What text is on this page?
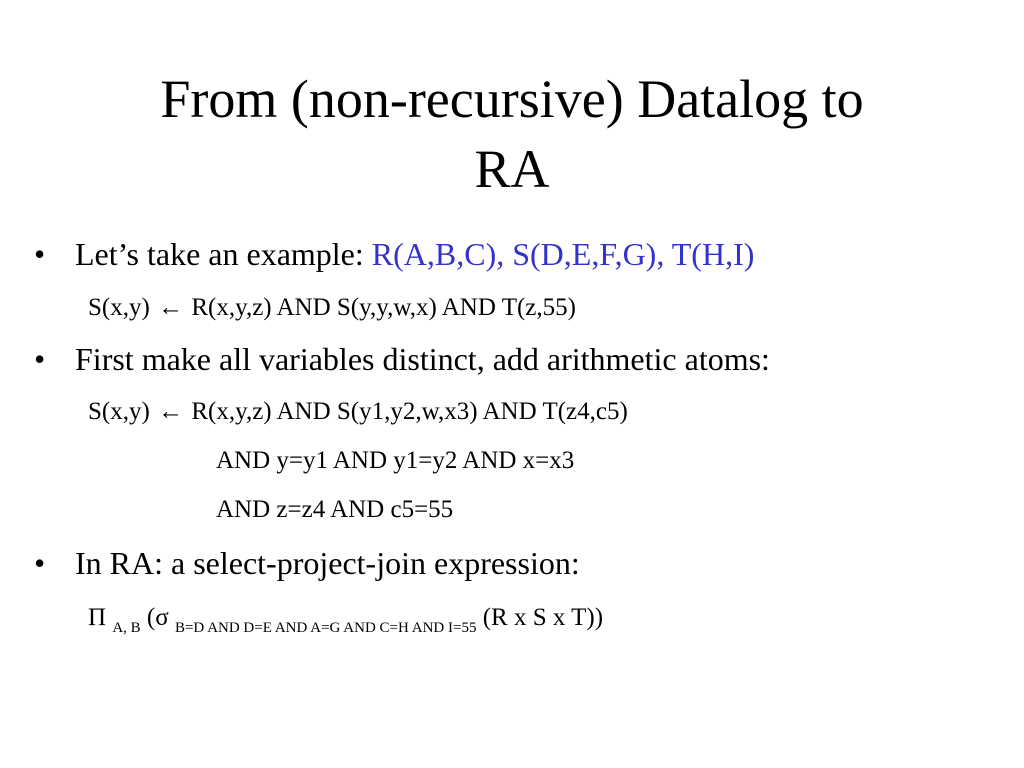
From (non-recursive) Datalog to
RA
• Let’s take an example: R(A,B,C), S(D,E,F,G), T(H,I)
S(x,y) ← R(x,y,z) AND S(y,y,w,x) AND T(z,55)
• First make all variables distinct, add arithmetic atoms:
S(x,y) ← R(x,y,z) AND S(y1,y2,w,x3) AND T(z4,c5)
AND y=y1 AND y1=y2 AND x=x3
AND z=z4 AND c5=55
• In RA: a select-project-join expression:
Π $_{A, B}$ (σ $_{B=D AND D=E AND A=G AND C=H AND I=55}$ (R x S x T))
